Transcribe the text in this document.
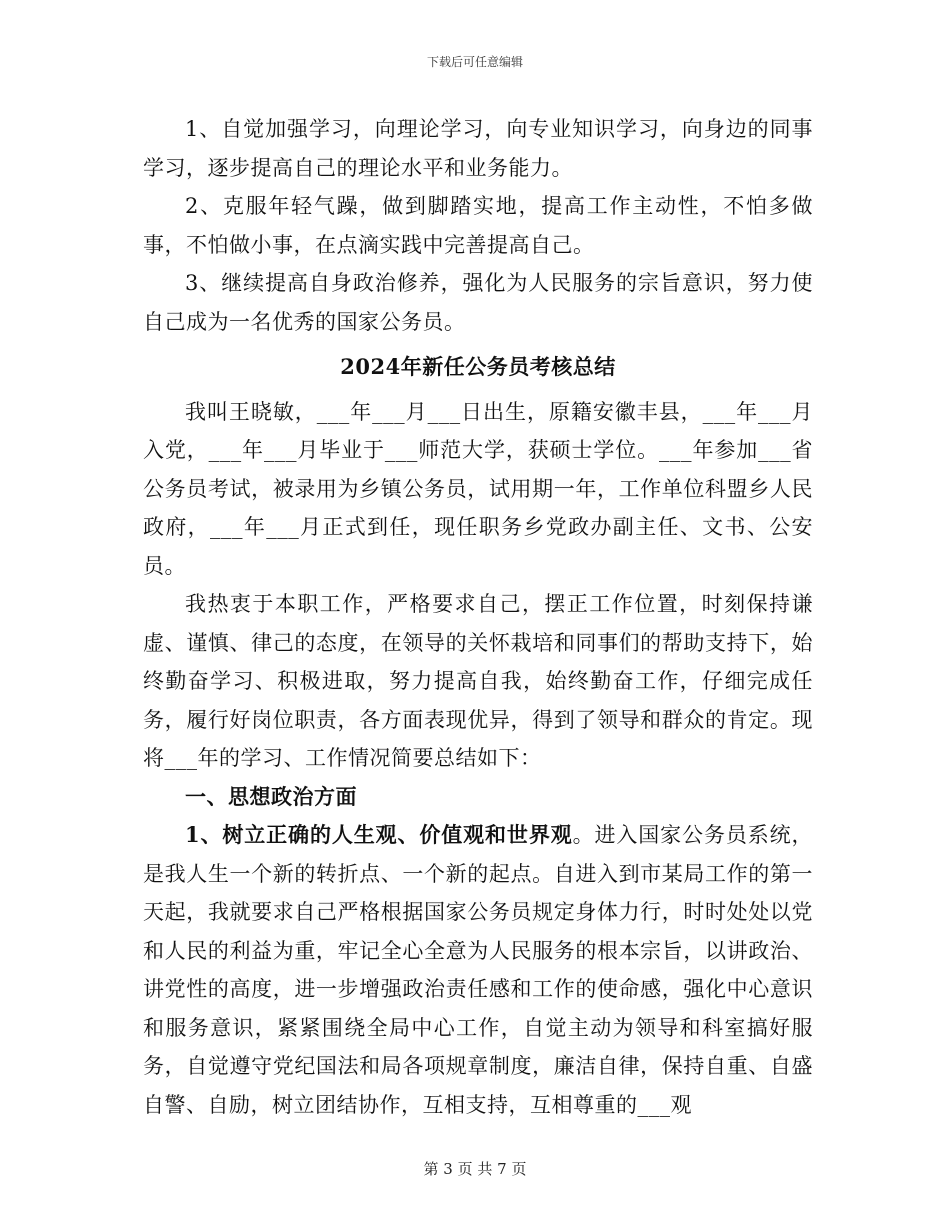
下载后可任意编辑

1、自觉加强学习，向理论学习，向专业知识学习，向身边的同事学习，逐步提高自己的理论水平和业务能力。

2、克服年轻气躁，做到脚踏实地，提高工作主动性，不怕多做事，不怕做小事，在点滴实践中完善提高自己。

3、继续提高自身政治修养，强化为人民服务的宗旨意识，努力使自己成为一名优秀的国家公务员。

2024年新任公务员考核总结

我叫王晓敏，___年___月___日出生，原籍安徽丰县，___年___月入党，___年___月毕业于___师范大学，获硕士学位。___年参加___省公务员考试，被录用为乡镇公务员，试用期一年，工作单位科盟乡人民政府，___年___月正式到任，现任职务乡党政办副主任、文书、公安员。

我热衷于本职工作，严格要求自己，摆正工作位置，时刻保持谦虚、谨慎、律己的态度，在领导的关怀栽培和同事们的帮助支持下，始终勤奋学习、积极进取，努力提高自我，始终勤奋工作，仔细完成任务，履行好岗位职责，各方面表现优异，得到了领导和群众的肯定。现将___年的学习、工作情况简要总结如下：

一、思想政治方面

1、树立正确的人生观、价值观和世界观。进入国家公务员系统，是我人生一个新的转折点、一个新的起点。自进入到市某局工作的第一天起，我就要求自己严格根据国家公务员规定身体力行，时时处处以党和人民的利益为重，牢记全心全意为人民服务的根本宗旨，以讲政治、讲党性的高度，进一步增强政治责任感和工作的使命感，强化中心意识和服务意识，紧紧围绕全局中心工作，自觉主动为领导和科室搞好服务，自觉遵守党纪国法和局各项规章制度，廉洁自律，保持自重、自盛自警、自励，树立团结协作，互相支持，互相尊重的___观

第 3 页 共 7 页
